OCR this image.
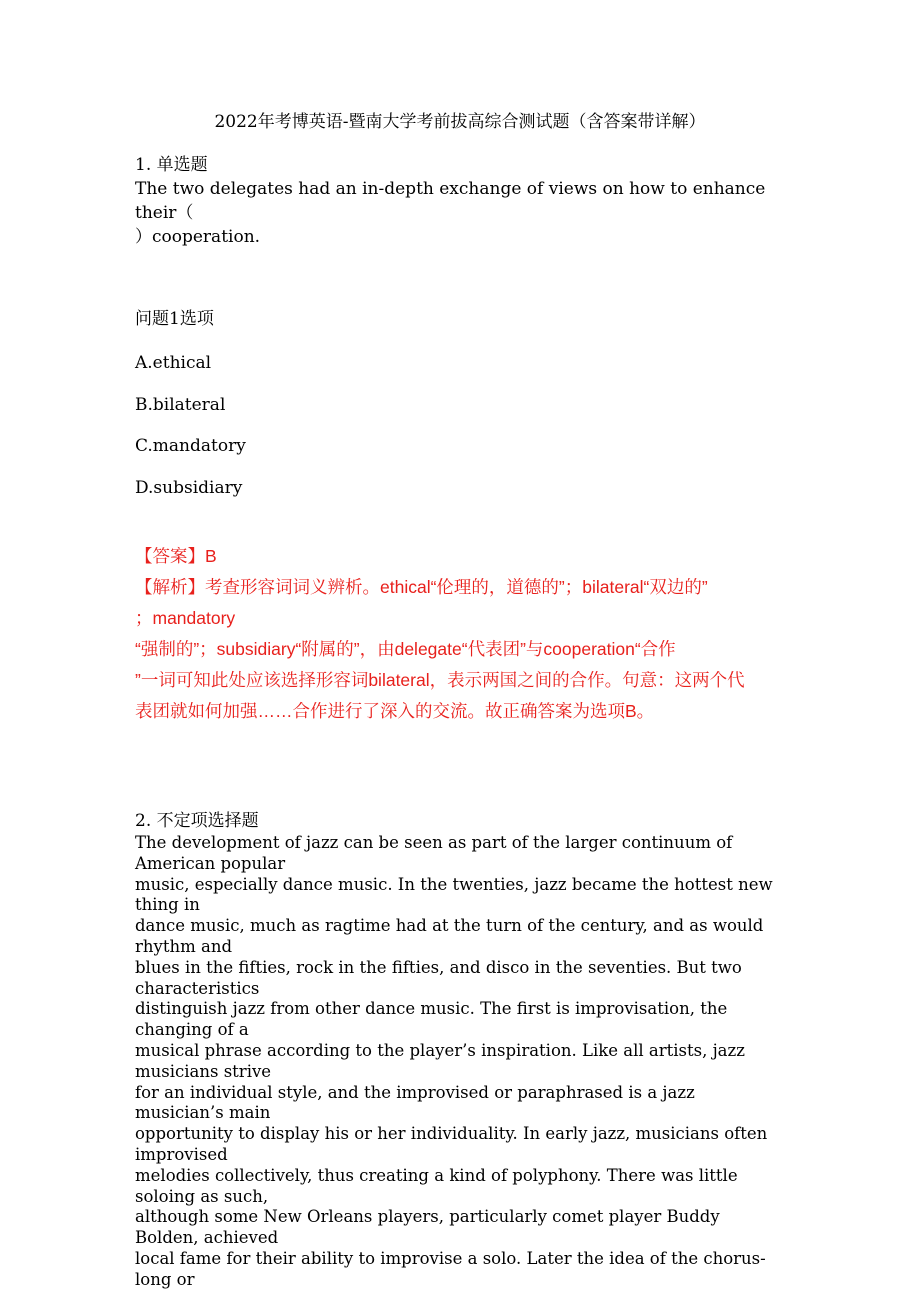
2022年考博英语-暨南大学考前拔高综合测试题（含答案带详解）
1. 单选题
The two delegates had an in-depth exchange of views on how to enhance their（
）cooperation.
问题1选项
A.ethical
B.bilateral
C.mandatory
D.subsidiary
【答案】B
【解析】考查形容词词义辨析。ethical“伦理的，道德的”；bilateral“双边的”
；mandatory
“强制的”；subsidiary“附属的”，由delegate“代表团”与cooperation“合作
”一词可知此处应该选择形容词bilateral，表示两国之间的合作。句意：这两个代
表团就如何加强……合作进行了深入的交流。故正确答案为选项B。
2. 不定项选择题
The development of jazz can be seen as part of the larger continuum of American popular
music, especially dance music. In the twenties, jazz became the hottest new thing in
dance music, much as ragtime had at the turn of the century, and as would rhythm and
blues in the fifties, rock in the fifties, and disco in the seventies. But two characteristics
distinguish jazz from other dance music. The first is improvisation, the changing of a
musical phrase according to the player’s inspiration. Like all artists, jazz musicians strive
for an individual style, and the improvised or paraphrased is a jazz musician’s main
opportunity to display his or her individuality. In early jazz, musicians often improvised
melodies collectively, thus creating a kind of polyphony. There was little soloing as such,
although some New Orleans players, particularly comet player Buddy Bolden, achieved
local fame for their ability to improvise a solo. Later the idea of the chorus-long or
